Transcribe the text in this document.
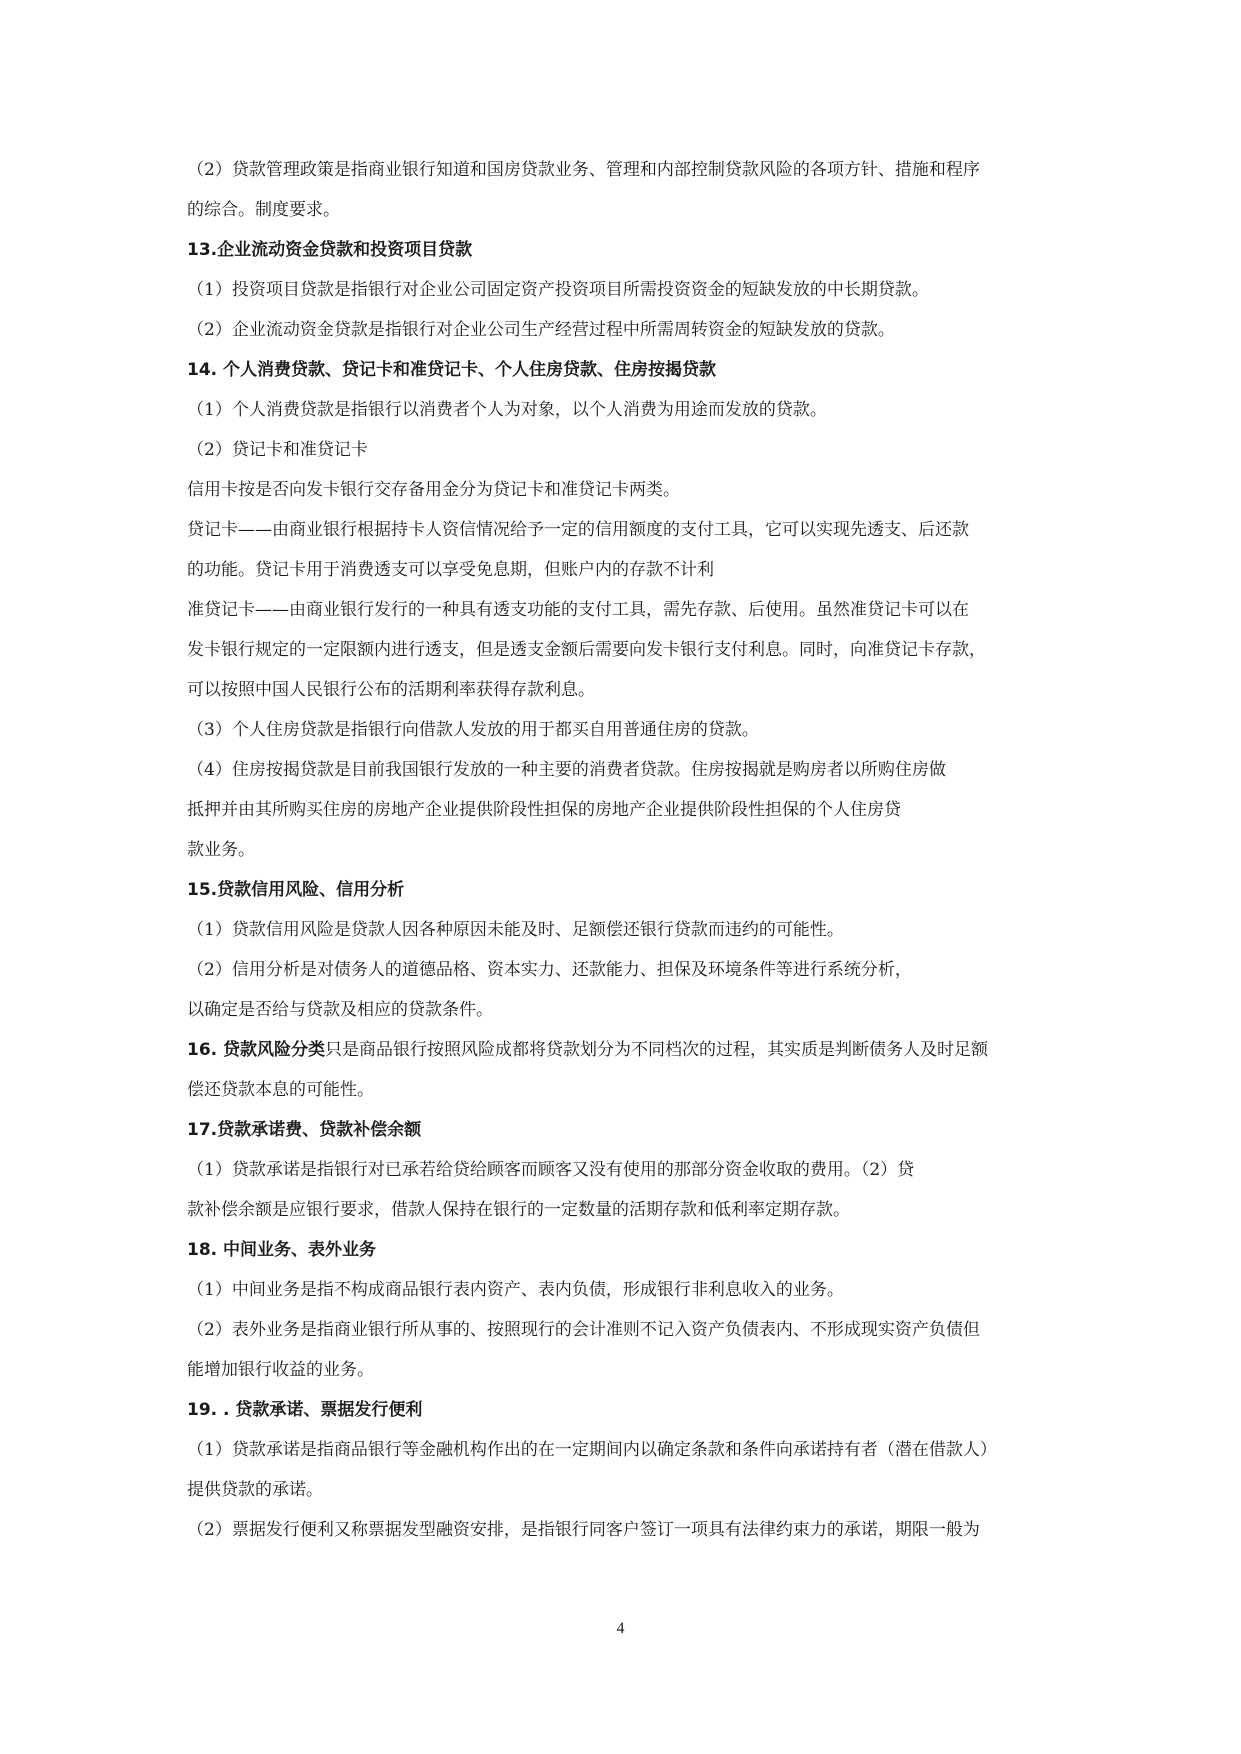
（2）贷款管理政策是指商业银行知道和国房贷款业务、管理和内部控制贷款风险的各项方针、措施和程序
的综合。制度要求。
13.企业流动资金贷款和投资项目贷款
（1）投资项目贷款是指银行对企业公司固定资产投资项目所需投资资金的短缺发放的中长期贷款。
（2）企业流动资金贷款是指银行对企业公司生产经营过程中所需周转资金的短缺发放的贷款。
14. 个人消费贷款、贷记卡和准贷记卡、个人住房贷款、住房按揭贷款
（1）个人消费贷款是指银行以消费者个人为对象，以个人消费为用途而发放的贷款。
（2）贷记卡和准贷记卡
信用卡按是否向发卡银行交存备用金分为贷记卡和准贷记卡两类。
贷记卡——由商业银行根据持卡人资信情况给予一定的信用额度的支付工具，它可以实现先透支、后还款
的功能。贷记卡用于消费透支可以享受免息期，但账户内的存款不计利
准贷记卡——由商业银行发行的一种具有透支功能的支付工具，需先存款、后使用。虽然准贷记卡可以在
发卡银行规定的一定限额内进行透支，但是透支金额后需要向发卡银行支付利息。同时，向准贷记卡存款，
可以按照中国人民银行公布的活期利率获得存款利息。
（3）个人住房贷款是指银行向借款人发放的用于都买自用普通住房的贷款。
（4）住房按揭贷款是目前我国银行发放的一种主要的消费者贷款。住房按揭就是购房者以所购住房做
抵押并由其所购买住房的房地产企业提供阶段性担保的房地产企业提供阶段性担保的个人住房贷
款业务。
15.贷款信用风险、信用分析
（1）贷款信用风险是贷款人因各种原因未能及时、足额偿还银行贷款而违约的可能性。
（2）信用分析是对债务人的道德品格、资本实力、还款能力、担保及环境条件等进行系统分析，
以确定是否给与贷款及相应的贷款条件。
16. 贷款风险分类只是商品银行按照风险成都将贷款划分为不同档次的过程，其实质是判断债务人及时足额
偿还贷款本息的可能性。
17.贷款承诺费、贷款补偿余额
（1）贷款承诺是指银行对已承若给贷给顾客而顾客又没有使用的那部分资金收取的费用。（2）贷
款补偿余额是应银行要求，借款人保持在银行的一定数量的活期存款和低利率定期存款。
18. 中间业务、表外业务
（1）中间业务是指不构成商品银行表内资产、表内负债，形成银行非利息收入的业务。
（2）表外业务是指商业银行所从事的、按照现行的会计准则不记入资产负债表内、不形成现实资产负债但
能增加银行收益的业务。
19. . 贷款承诺、票据发行便利
（1）贷款承诺是指商品银行等金融机构作出的在一定期间内以确定条款和条件向承诺持有者（潜在借款人）
提供贷款的承诺。
（2）票据发行便利又称票据发型融资安排，是指银行同客户签订一项具有法律约束力的承诺，期限一般为
4
